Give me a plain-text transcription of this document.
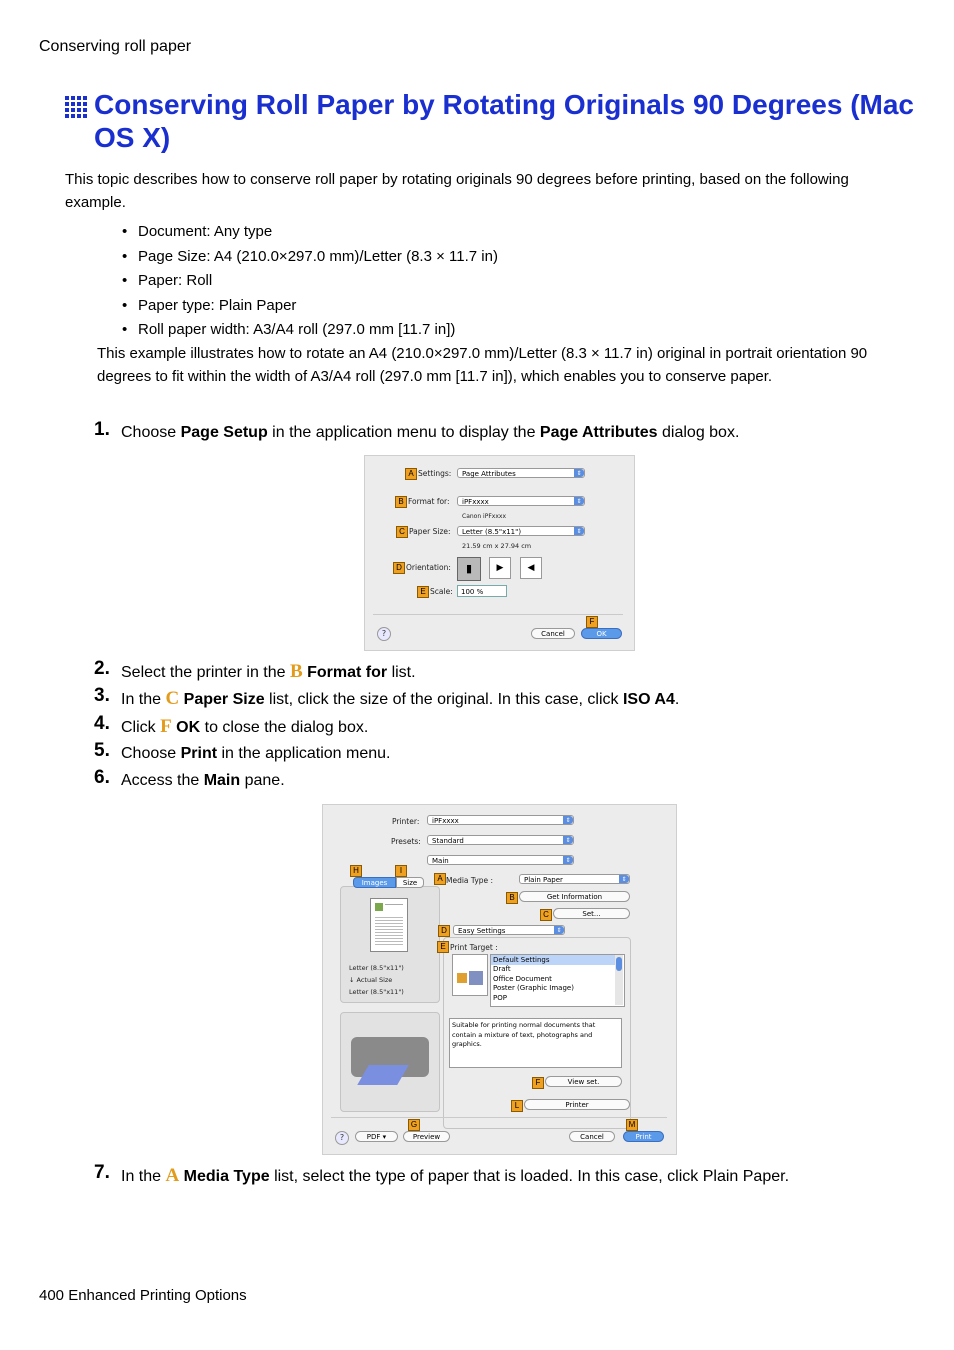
Conserving roll paper
Conserving Roll Paper by Rotating Originals 90 Degrees (Mac OS X)
This topic describes how to conserve roll paper by rotating originals 90 degrees before printing, based on the following example.
• Document: Any type
• Page Size: A4 (210.0×297.0 mm)/Letter (8.3 × 11.7 in)
• Paper: Roll
• Paper type: Plain Paper
• Roll paper width: A3/A4 roll (297.0 mm [11.7 in])
This example illustrates how to rotate an A4 (210.0×297.0 mm)/Letter (8.3 × 11.7 in) original in portrait orientation 90 degrees to fit within the width of A3/A4 roll (297.0 mm [11.7 in]), which enables you to conserve paper.
1. Choose Page Setup in the application menu to display the Page Attributes dialog box.
A Settings:	Page Attributes	⇕
B Format for:	iPFxxxx	⇕
Canon iPFxxxx
C Paper Size:	Letter (8.5"x11")	⇕
21.59 cm x 27.94 cm
D Orientation:	▮	▶	◀
E Scale:	100 %
?	Cancel
F
OK
2. Select the printer in the B Format for list.
3. In the C Paper Size list, click the size of the original. In this case, click ISO A4.
4. Click F OK to close the dialog box.
5. Choose Print in the application menu.
6. Access the Main pane.
Printer:	iPFxxxx	⇕
Presets:	Standard	⇕
Main	⇕
H	I
Images	Size
Letter (8.5"x11")
↓ Actual Size
Letter (8.5"x11")
A Media Type :	Plain Paper	⇕
B	Get Information
C	Set...
D	Easy Settings	⇕
E Print Target :
Default Settings
Draft
Office Document
Poster (Graphic Image)
POP
Suitable for printing normal documents that contain a mixture of text, photographs and graphics.
F	View set.
L	Printer
G	M
?	PDF ▾	Preview	Cancel	Print
7. In the A Media Type list, select the type of paper that is loaded. In this case, click Plain Paper.
400 Enhanced Printing Options
